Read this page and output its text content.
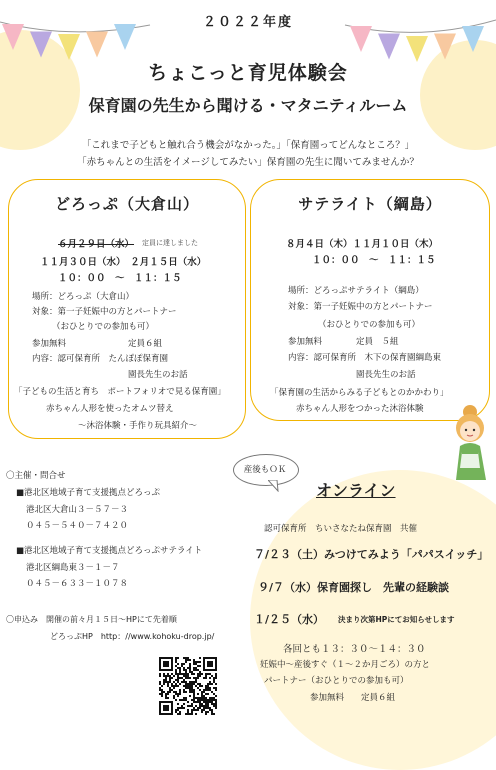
２０２２年度
ちょこっと育児体験会
保育園の先生から聞ける・マタニティルーム
「これまで子どもと触れ合う機会がなかった。」「保育園ってどんなところ？」
「赤ちゃんとの生活をイメージしてみたい」保育園の先生に聞いてみませんか？
どろっぷ（大倉山）
６月２９日（水） 定員に達しました
１１月３０日（水）　２月１５日（水）
１０：００　～　１１：１５
場所：どろっぷ（大倉山）
対象：第一子妊娠中の方とパートナー
（おひとりでの参加も可）
参加無料	定員６組
内容：認可保育所　たんぽぽ保育園
園長先生のお話
「子どもの生活と育ち　ポートフォリオで見る保育園」
赤ちゃん人形を使ったオムツ替え
～沐浴体験・手作り玩具紹介～
サテライト（綱島）
８月４日（木）１１月１０日（木）
１０：００　～　１１：１５
場所：どろっぷサテライト（綱島）
対象：第一子妊娠中の方とパートナー
（おひとりでの参加も可）
参加無料	定員　５組
内容：認可保育所　木下の保育園綱島東
園長先生のお話
「保育園の生活からみる子どもとのかかわり」
赤ちゃん人形をつかった沐浴体験
産後もＯＫ
〇主催・問合せ
■港北区地域子育て支援拠点どろっぷ
港北区大倉山３－５７－３
０４５－５４０－７４２０
■港北区地域子育て支援拠点どろっぷサテライト
港北区綱島東３－１－７
０４５－６３３－１０７８
〇申込み　開催の前々月１５日～HPにて先着順
どろっぷHP　http：//www.kohoku-drop.jp/
オンライン
認可保育所　ちいさなたね保育園　共催
７/２３（土）みつけてみよう「パパスイッチ」
９/７（水）保育園探し　先輩の経験談
１/２５（水） 決まり次第HPにてお知らせします
各回とも１３：３０～１４：３０
妊娠中～産後すぐ（１～２か月ごろ）の方と
パートナー（おひとりでの参加も可）
参加無料　　定員６組
